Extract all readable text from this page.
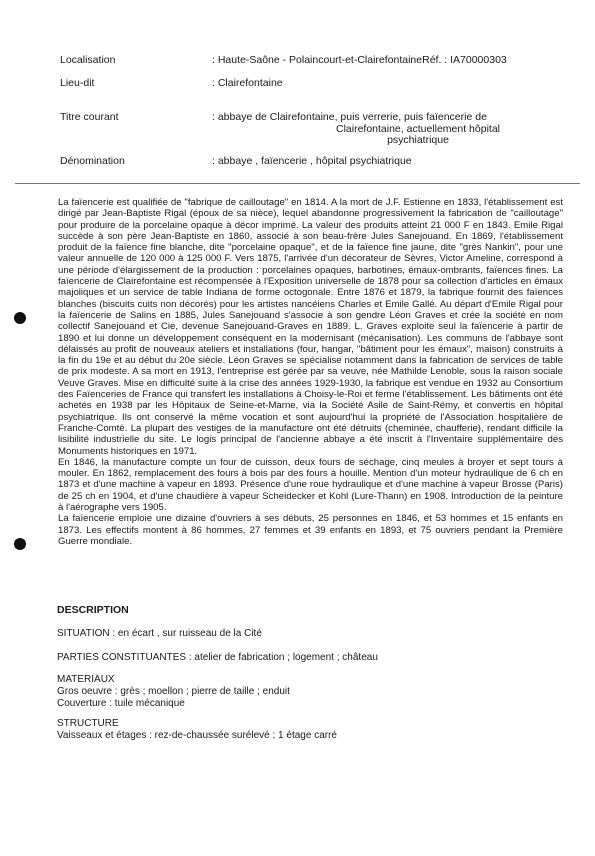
Localisation	: Haute-Saône - Polaincourt-et-ClairefontaineRéf. : IA70000303
Lieu-dit	: Clairefontaine
Titre courant	: abbaye de Clairefontaine, puis verrerie, puis faïencerie de
Clairefontaine, actuellement hôpital
psychiatrique
Dénomination	: abbaye , faïencerie , hôpital psychiatrique

La faïencerie est qualifiée de "fabrique de cailloutage" en 1814. A la mort de J.F. Estienne en 1833, l'établissement est dirigé par Jean-Baptiste Rigal (époux de sa nièce), lequel abandonne progressivement la fabrication de "cailloutage" pour produire de la porcelaine opaque à décor imprimé. La valeur des produits atteint 21 000 F en 1843. Emile Rigal succède à son père Jean-Baptiste en 1860, associé à son beau-frère Jules Sanejouand. En 1869, l'établissement produit de la faïence fine blanche, dite "porcelaine opaque", et de la faïence fine jaune, dite "grès Nankin", pour une valeur annuelle de 120 000 à 125 000 F. Vers 1875, l'arrivée d'un décorateur de Sèvres, Victor Ameline, correspond à une période d'élargissement de la production : porcelaines opaques, barbotines, émaux-ombrants, faïences fines. La faïencerie de Clairefontaine est récompensée à l'Exposition universelle de 1878 pour sa collection d'articles en émaux majoliques et un service de table Indiana de forme octogonale. Entre 1876 et 1879, la fabrique fournit des faïences blanches (biscuits cuits non décorés) pour les artistes nancéiens Charles et Emile Gallé. Au départ d'Emile Rigal pour la faïencerie de Salins en 1885, Jules Sanejouand s'associe à son gendre Léon Graves et crée la société en nom collectif Sanejouand et Cie, devenue Sanejouand-Graves en 1889. L. Graves exploite seul la faïencerie à partir de 1890 et lui donne un développement conséquent en la modernisant (mécanisation). Les communs de l'abbaye sont délaissés au profit de nouveaux ateliers et installations (four, hangar, "bâtiment pour les émaux", maison) construits à la fin du 19e et au début du 20e siècle. Léon Graves se spécialise notamment dans la fabrication de services de table de prix modeste. A sa mort en 1913, l'entreprise est gérée par sa veuve, née Mathilde Lenoble, sous la raison sociale Veuve Graves. Mise en difficulté suite à la crise des années 1929-1930, la fabrique est vendue en 1932 au Consortium des Faïenceries de France qui transfert les installations à Choisy-le-Roi et ferme l'établissement. Les bâtiments ont été achetés en 1938 par les Hôpitaux de Seine-et-Marne, via la Société Asile de Saint-Rémy, et convertis en hôpital psychiatrique. Ils ont conservé la même vocation et sont aujourd'hui la propriété de l'Association hospitalière de Franche-Comté. La plupart des vestiges de la manufacture ont été détruits (cheminée, chaufferie), rendant difficile la lisibilité industrielle du site. Le logis principal de l'ancienne abbaye a été inscrit à l'Inventaire supplémentaire des Monuments historiques en 1971.

En 1846, la manufacture compte un four de cuisson, deux fours de séchage, cinq meules à broyer et sept tours à mouler. En 1862, remplacement des fours à bois par des fours à houille. Mention d'un moteur hydraulique de 6 ch en 1873 et d'une machine à vapeur en 1893. Présence d'une roue hydraulique et d'une machine à vapeur Brosse (Paris) de 25 ch en 1904, et d'une chaudière à vapeur Scheidecker et Kohl (Lure-Thann) en 1908. Introduction de la peinture à l'aérographe vers 1905.

La faïencerie emploie une dizaine d'ouvriers à ses débuts, 25 personnes en 1846, et 53 hommes et 15 enfants en 1873. Les effectifs montent à 86 hommes, 27 femmes et 39 enfants en 1893, et 75 ouvriers pendant la Première Guerre mondiale.

DESCRIPTION
SITUATION : en écart , sur ruisseau de la Cité
PARTIES CONSTITUANTES : atelier de fabrication ; logement ; château
MATERIAUX
Gros oeuvre : grès ; moellon ; pierre de taille ; enduit
Couverture : tuile mécanique
STRUCTURE
Vaisseaux et étages : rez-de-chaussée surélevé ; 1 étage carré
